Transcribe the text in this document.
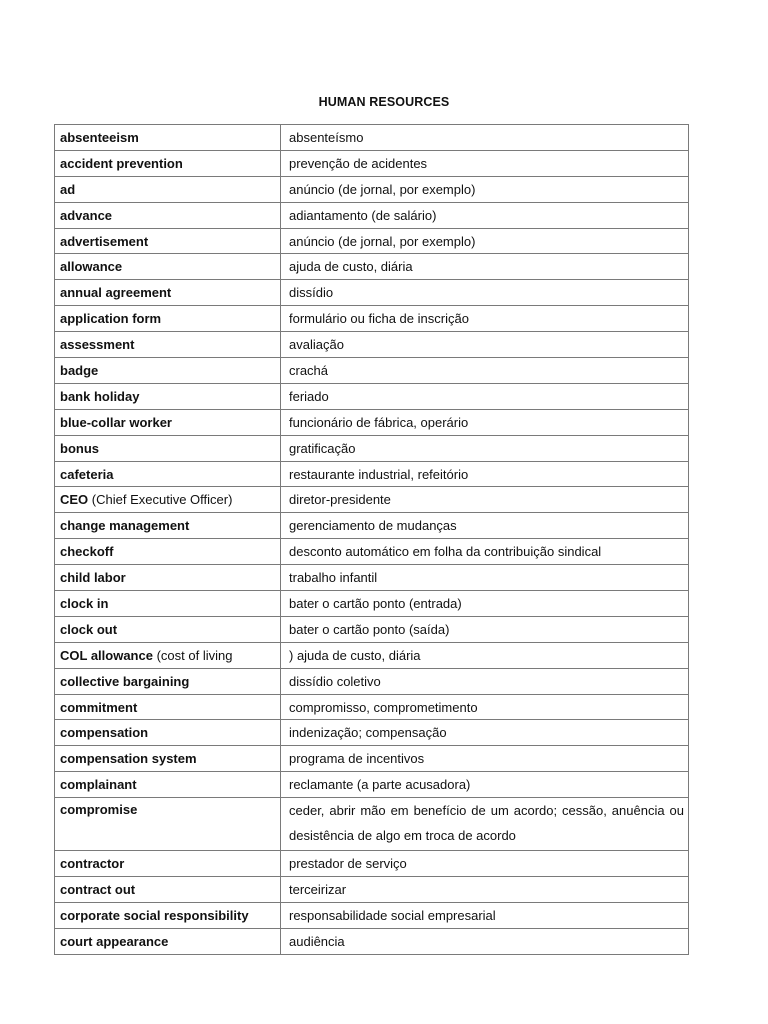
HUMAN RESOURCES
absenteeism	absenteísmo
accident prevention	prevenção de acidentes
ad	anúncio (de jornal, por exemplo)
advance	adiantamento (de salário)
advertisement	anúncio (de jornal, por exemplo)
allowance	ajuda de custo, diária
annual agreement	dissídio
application form	formulário ou ficha de inscrição
assessment	avaliação
badge	crachá
bank holiday	feriado
blue-collar worker	funcionário de fábrica, operário
bonus	gratificação
cafeteria	restaurante industrial, refeitório
CEO (Chief Executive Officer)	diretor-presidente
change management	gerenciamento de mudanças
checkoff	desconto automático em folha da contribuição sindical
child labor	trabalho infantil
clock in	bater o cartão ponto (entrada)
clock out	bater o cartão ponto (saída)
COL allowance (cost of living	) ajuda de custo, diária
collective bargaining	dissídio coletivo
commitment	compromisso, comprometimento
compensation	indenização; compensação
compensation system	programa de incentivos
complainant	reclamante (a parte acusadora)
compromise	ceder, abrir mão em benefício de um acordo; cessão, anuência ou desistência de algo em troca de acordo
contractor	prestador de serviço
contract out	terceirizar
corporate social responsibility	responsabilidade social empresarial
court appearance	audiência
